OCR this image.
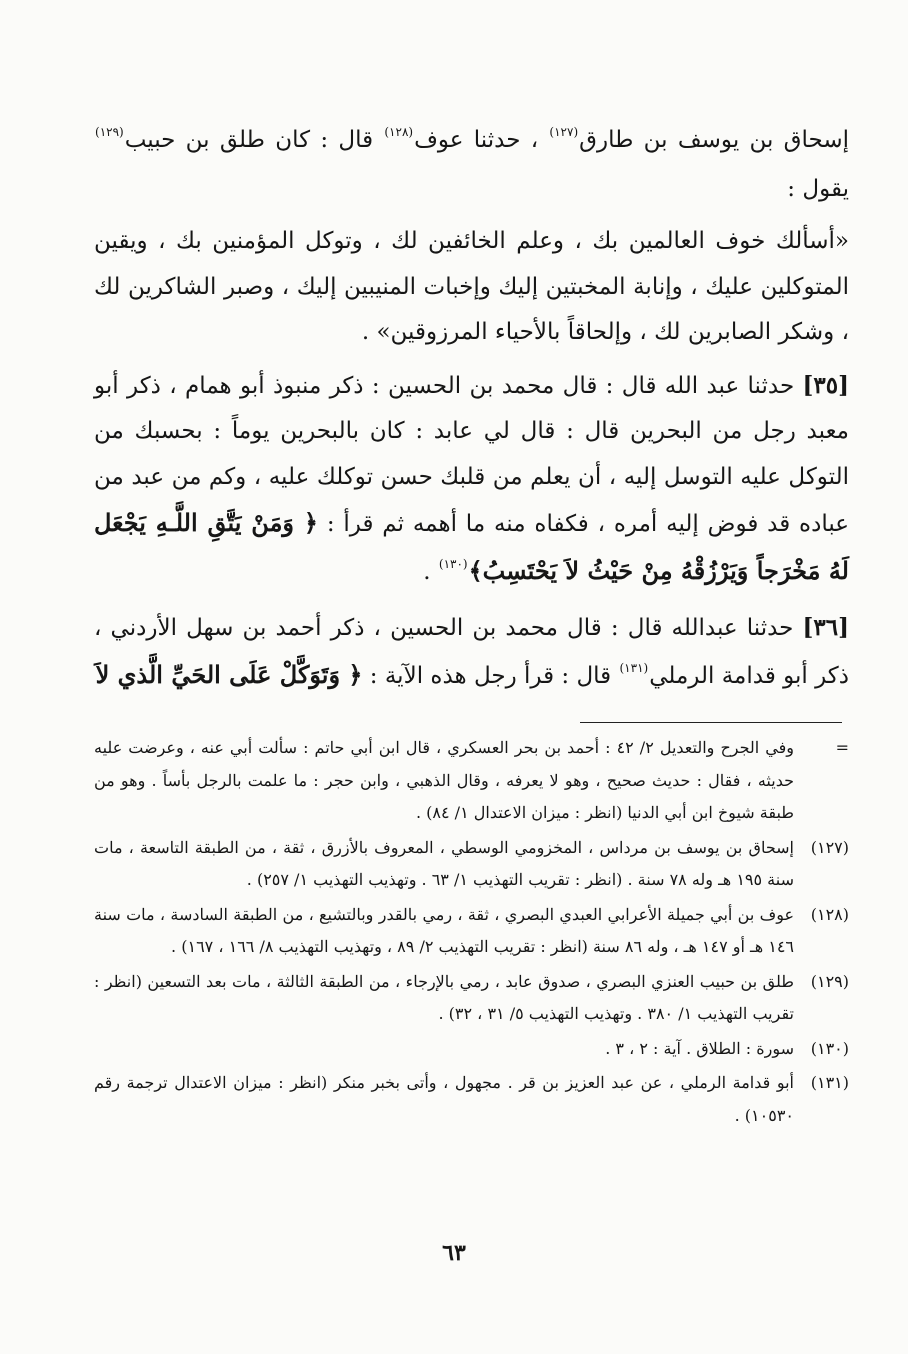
إسحاق بن يوسف بن طارق$^{(١٢٧)}$ ، حدثنا عوف$^{(١٢٨)}$ قال : كان طلق بن حبيب$^{(١٢٩)}$ يقول :

«أسألك خوف العالمين بك ، وعلم الخائفين لك ، وتوكل المؤمنين بك ، ويقين المتوكلين عليك ، وإنابة المخبتين إليك وإخبات المنيبين إليك ، وصبر الشاكرين لك ، وشكر الصابرين لك ، وإلحاقاً بالأحياء المرزوقين» .

[٣٥] حدثنا عبد الله قال : قال محمد بن الحسين : ذكر منبوذ أبو همام ، ذكر أبو معبد رجل من البحرين قال : قال لي عابد : كان بالبحرين يوماً : بحسبك من التوكل عليه التوسل إليه ، أن يعلم من قلبك حسن توكلك عليه ، وكم من عبد من عباده قد فوض إليه أمره ، فكفاه منه ما أهمه ثم قرأ : ﴿ وَمَنْ يَتَّقِ اللَّـهِ يَجْعَل لَهُ مَخْرَجاً وَيَرْزُقْهُ مِنْ حَيْثُ لاَ يَحْتَسِبُ﴾$^{(١٣٠)}$ .

[٣٦] حدثنا عبدالله قال : قال محمد بن الحسين ، ذكر أحمد بن سهل الأردني ، ذكر أبو قدامة الرملي$^{(١٣١)}$ قال : قرأ رجل هذه الآية : ﴿ وَتَوَكَّلْ عَلَى الحَيِّ الَّذي لاَ

=
وفي الجرح والتعديل ٢/ ٤٢ : أحمد بن بحر العسكري ، قال ابن أبي حاتم : سألت أبي عنه ، وعرضت عليه حديثه ، فقال : حديث صحيح ، وهو لا يعرفه ، وقال الذهبي ، وابن حجر : ما علمت بالرجل بأساً . وهو من طبقة شيوخ ابن أبي الدنيا (انظر : ميزان الاعتدال ١/ ٨٤) .
(١٢٧)
إسحاق بن يوسف بن مرداس ، المخزومي الوسطي ، المعروف بالأزرق ، ثقة ، من الطبقة التاسعة ، مات سنة ١٩٥ هـ وله ٧٨ سنة . (انظر : تقريب التهذيب ١/ ٦٣ . وتهذيب التهذيب ١/ ٢٥٧) .
(١٢٨)
عوف بن أبي جميلة الأعرابي العبدي البصري ، ثقة ، رمي بالقدر وبالتشيع ، من الطبقة السادسة ، مات سنة ١٤٦ هـ أو ١٤٧ هـ ، وله ٨٦ سنة (انظر : تقريب التهذيب ٢/ ٨٩ ، وتهذيب التهذيب ٨/ ١٦٦ ، ١٦٧) .
(١٢٩)
طلق بن حبيب العنزي البصري ، صدوق عابد ، رمي بالإرجاء ، من الطبقة الثالثة ، مات بعد التسعين (انظر : تقريب التهذيب ١/ ٣٨٠ . وتهذيب التهذيب ٥/ ٣١ ، ٣٢) .
(١٣٠)
سورة : الطلاق . آية : ٢ ، ٣ .
(١٣١)
أبو قدامة الرملي ، عن عبد العزيز بن قر . مجهول ، وأتى بخبر منكر (انظر : ميزان الاعتدال ترجمة رقم ١٠٥٣٠) .
٦٣
